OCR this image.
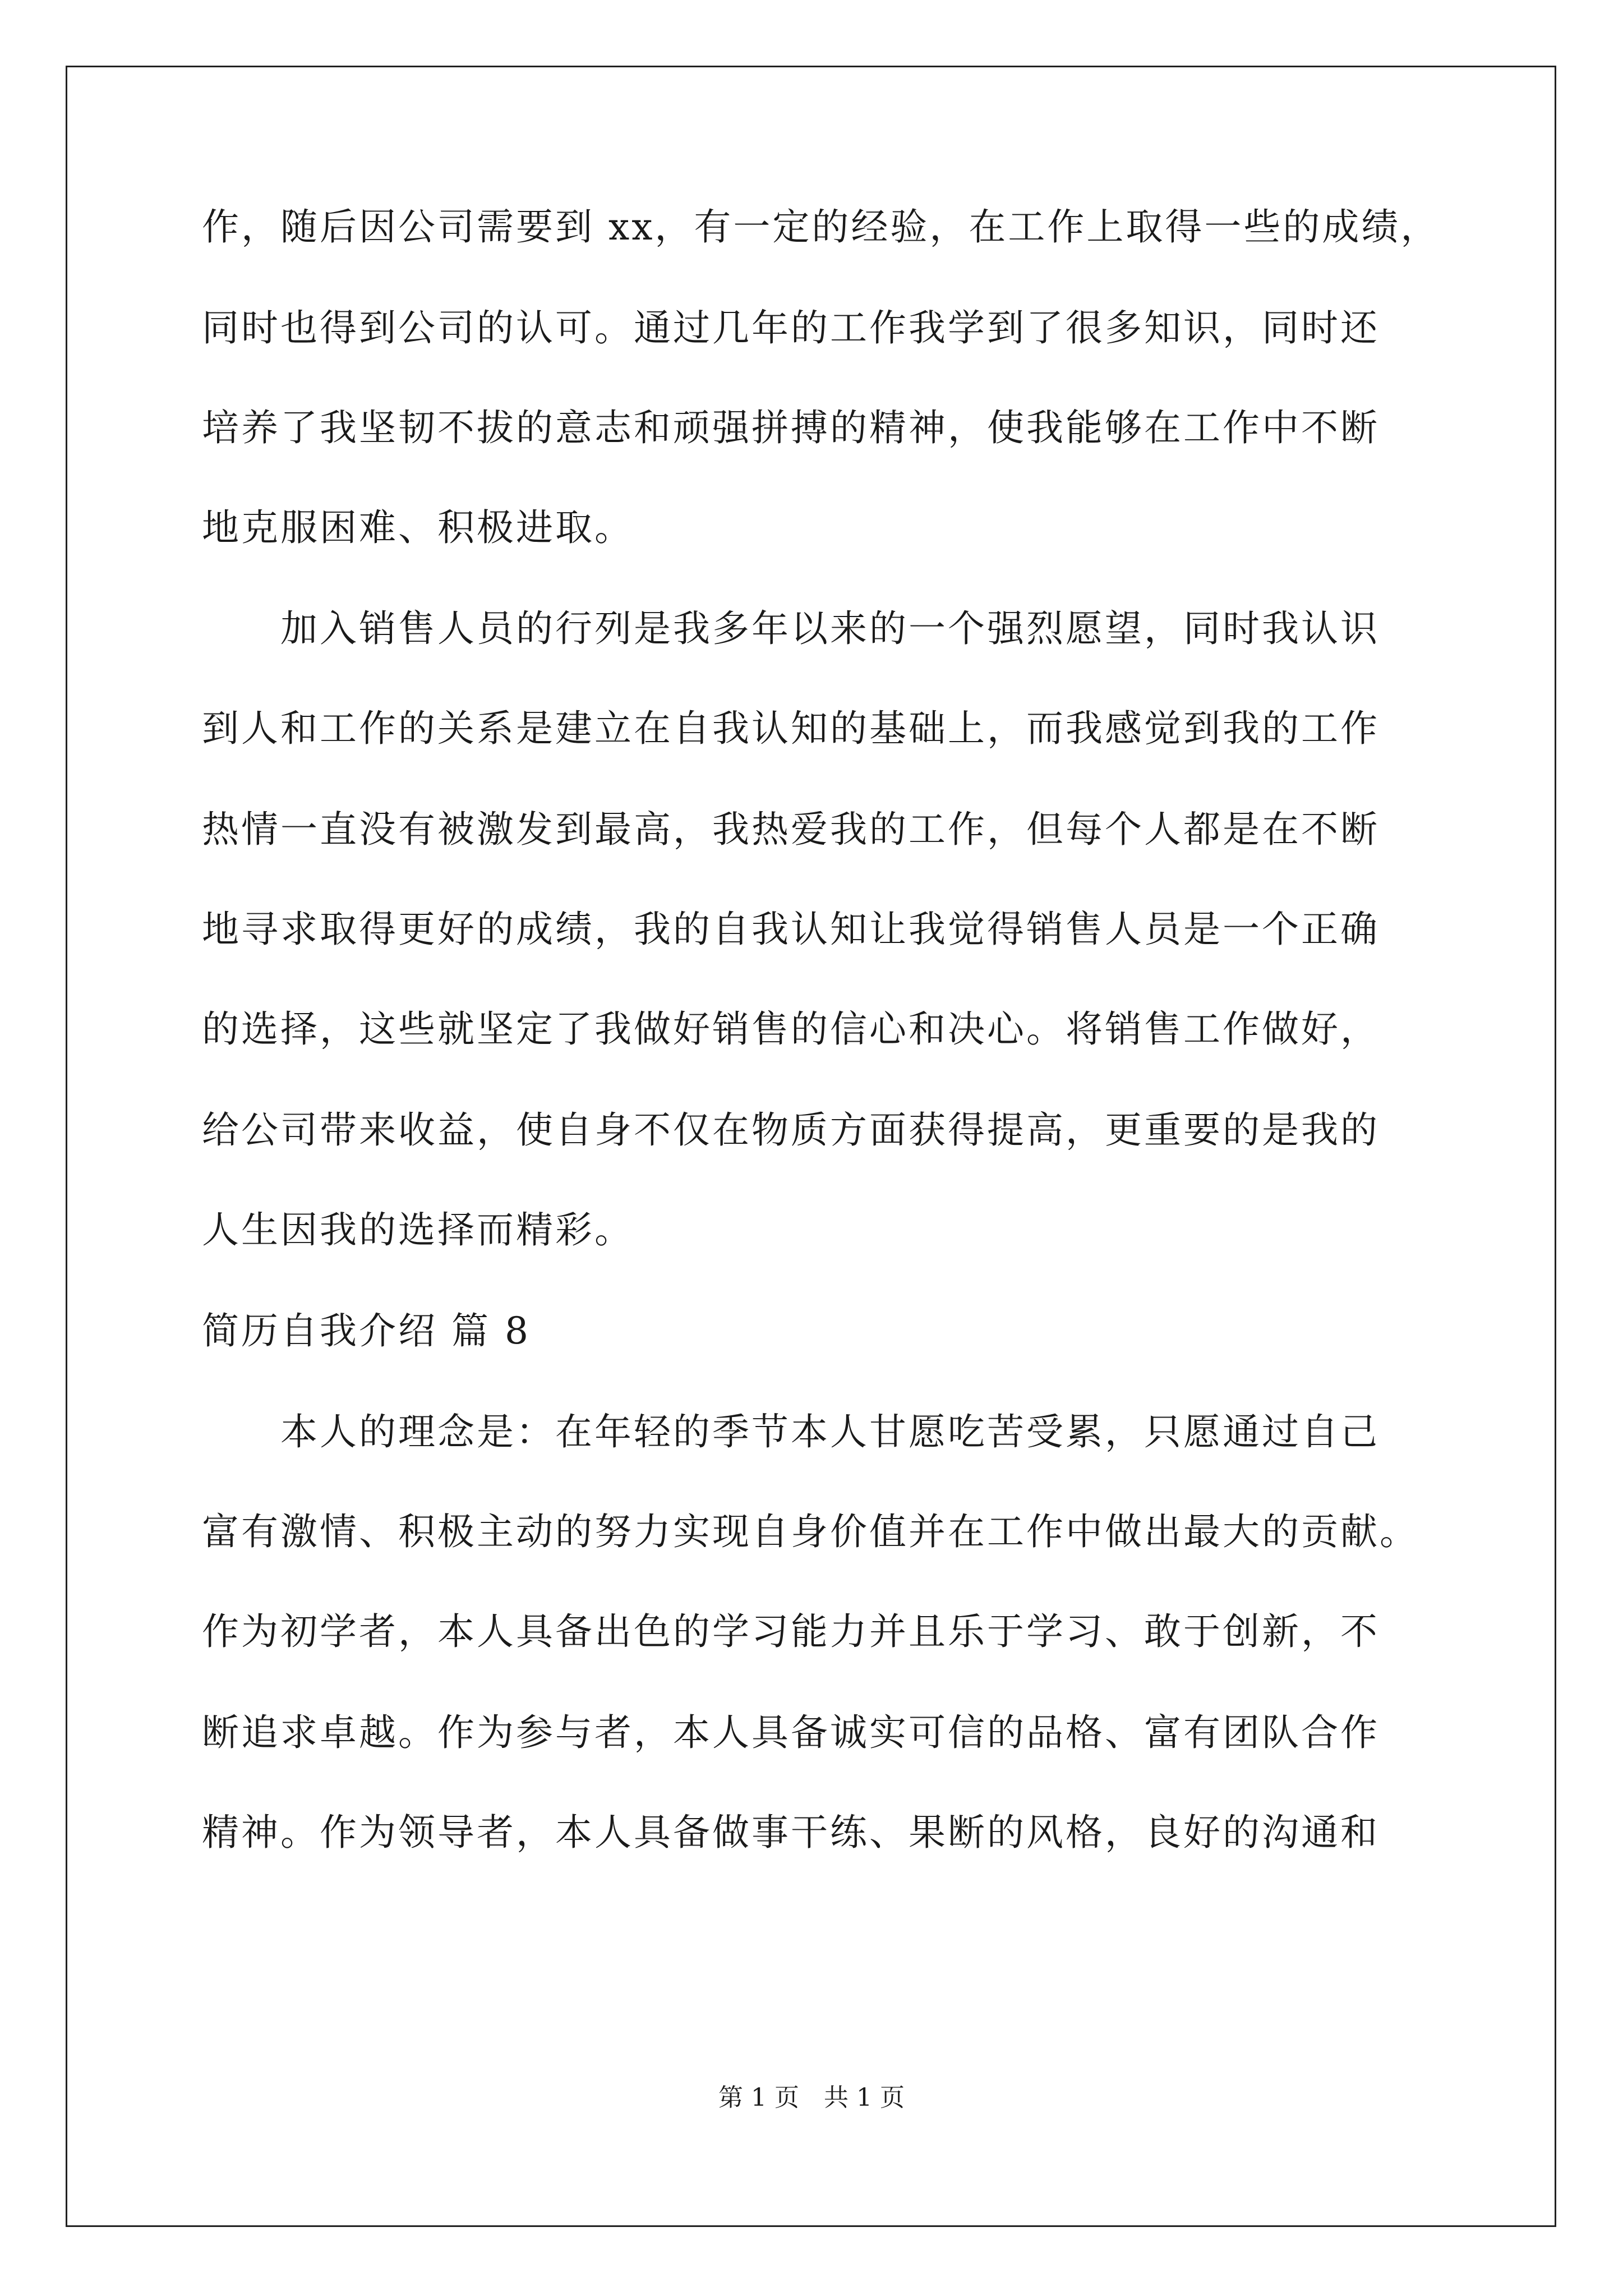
作，随后因公司需要到 xx，有一定的经验，在工作上取得一些的成绩，
同时也得到公司的认可。通过几年的工作我学到了很多知识，同时还
培养了我坚韧不拔的意志和顽强拼搏的精神，使我能够在工作中不断
地克服困难、积极进取。
加入销售人员的行列是我多年以来的一个强烈愿望，同时我认识
到人和工作的关系是建立在自我认知的基础上，而我感觉到我的工作
热情一直没有被激发到最高，我热爱我的工作，但每个人都是在不断
地寻求取得更好的成绩，我的自我认知让我觉得销售人员是一个正确
的选择，这些就坚定了我做好销售的信心和决心。将销售工作做好，
给公司带来收益，使自身不仅在物质方面获得提高，更重要的是我的
人生因我的选择而精彩。
简历自我介绍 篇 8
本人的理念是：在年轻的季节本人甘愿吃苦受累，只愿通过自己
富有激情、积极主动的努力实现自身价值并在工作中做出最大的贡献。
作为初学者，本人具备出色的学习能力并且乐于学习、敢于创新，不
断追求卓越。作为参与者，本人具备诚实可信的品格、富有团队合作
精神。作为领导者，本人具备做事干练、果断的风格，良好的沟通和
第 1 页　共 1 页
